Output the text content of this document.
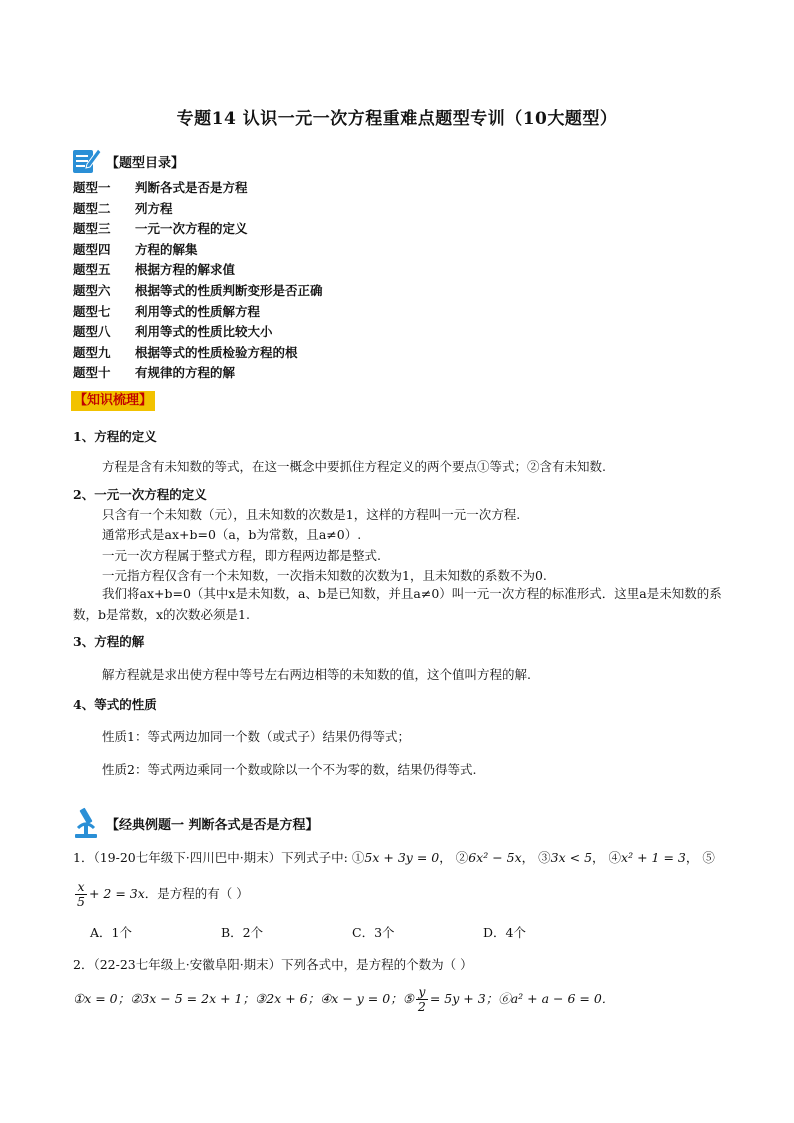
专题14 认识一元一次方程重难点题型专训（10大题型）
【题型目录】
题型一 判断各式是否是方程
题型二 列方程
题型三 一元一次方程的定义
题型四 方程的解集
题型五 根据方程的解求值
题型六 根据等式的性质判断变形是否正确
题型七 利用等式的性质解方程
题型八 利用等式的性质比较大小
题型九 根据等式的性质检验方程的根
题型十 有规律的方程的解
【知识梳理】
1、方程的定义
方程是含有未知数的等式，在这一概念中要抓住方程定义的两个要点①等式；②含有未知数.
2、一元一次方程的定义
只含有一个未知数（元），且未知数的次数是1，这样的方程叫一元一次方程.
通常形式是ax+b=0（a，b为常数，且a≠0）.
一元一次方程属于整式方程，即方程两边都是整式.
一元指方程仅含有一个未知数，一次指未知数的次数为1，且未知数的系数不为0.
我们将ax+b=0（其中x是未知数，a、b是已知数，并且a≠0）叫一元一次方程的标准形式．这里a是未知数的系数，b是常数，x的次数必须是1.
3、方程的解
解方程就是求出使方程中等号左右两边相等的未知数的值，这个值叫方程的解.
4、等式的性质
性质1：等式两边加同一个数（或式子）结果仍得等式；
性质2：等式两边乘同一个数或除以一个不为零的数，结果仍得等式.
【经典例题一 判断各式是否是方程】
1．（19-20七年级下·四川巴中·期末）下列式子中: ①5x + 3y = 0， ②6x² − 5x， ③3x < 5， ④x² + 1 = 3， ⑤
$\frac{x}{5} + 2 = 3x$．是方程的有（ ）
A．1个	B．2个	C．3个	D．4个
2．（22-23七年级上·安徽阜阳·期末）下列各式中，是方程的个数为（ ）
①x = 0；②3x − 5 = 2x + 1；③2x + 6；④x − y = 0；⑤ $\frac{y}{2} = 5y + 3$；⑥a² + a − 6 = 0．
